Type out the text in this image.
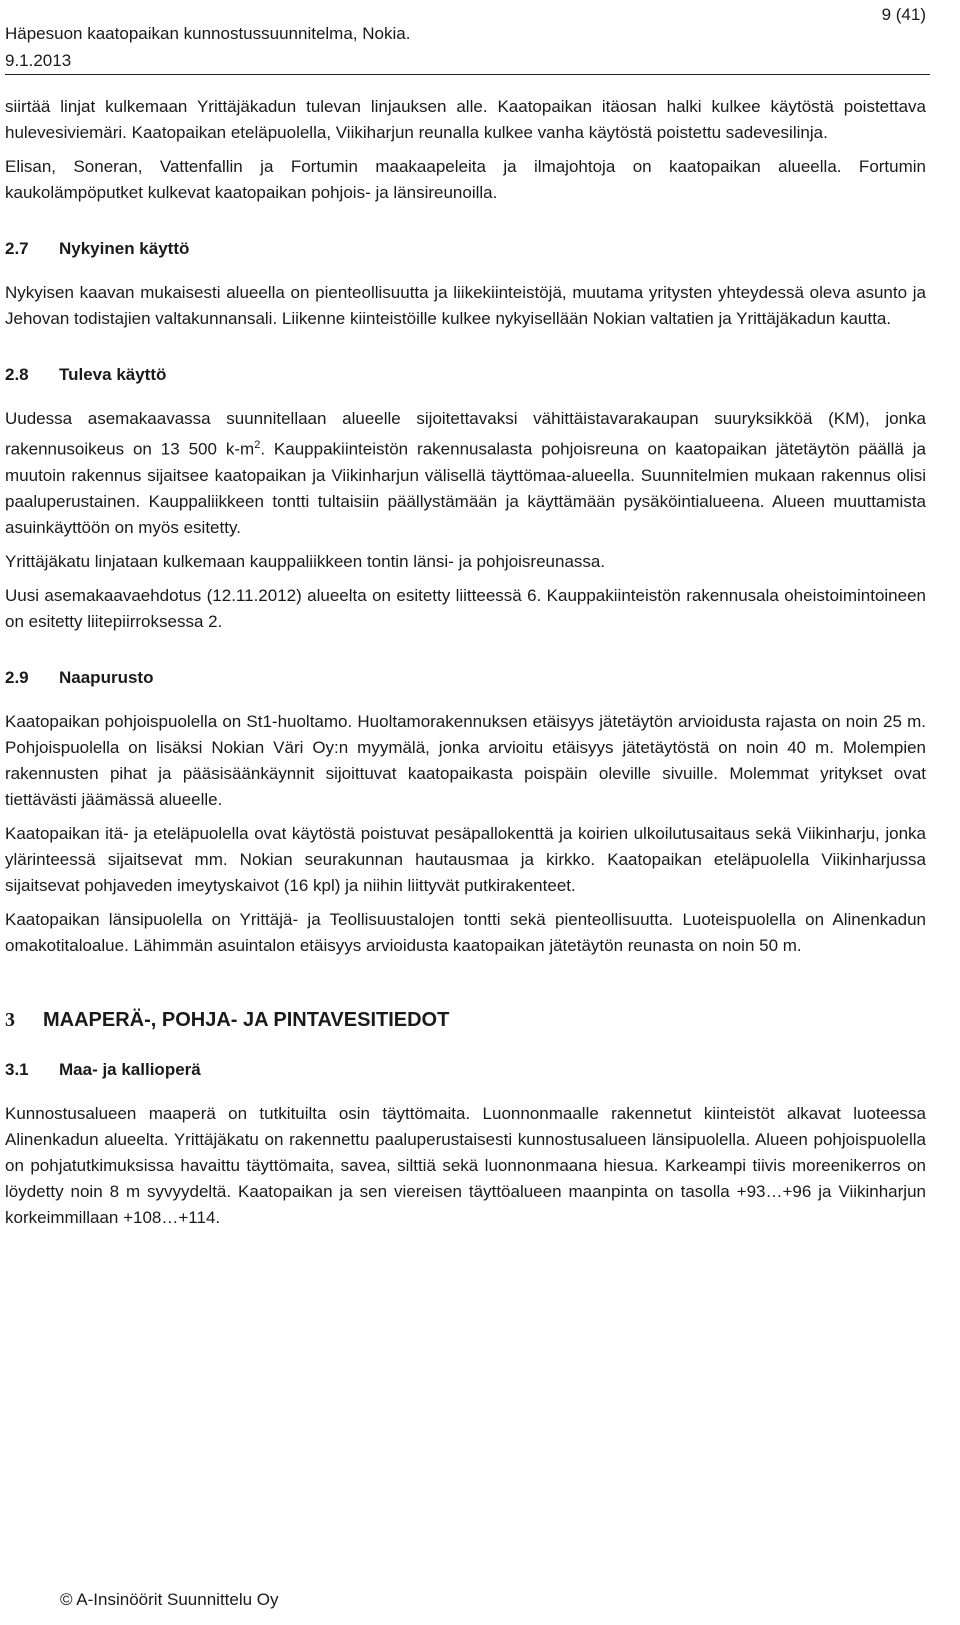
Häpesuon kaatopaikan kunnostussuunnitelma, Nokia.
9.1.2013
9 (41)

siirtää linjat kulkemaan Yrittäjäkadun tulevan linjauksen alle. Kaatopaikan itäosan halki kulkee käytöstä poistettava hulevesiviemäri. Kaatopaikan eteläpuolella, Viikiharjun reunalla kulkee vanha käytöstä poistettu sadevesilinja.

Elisan, Soneran, Vattenfallin ja Fortumin maakaapeleita ja ilmajohtoja on kaatopaikan alueella. Fortumin kaukolämpöputket kulkevat kaatopaikan pohjois- ja länsireunoilla.

2.7	Nykyinen käyttö

Nykyisen kaavan mukaisesti alueella on pienteollisuutta ja liikekiinteistöjä, muutama yritysten yhteydessä oleva asunto ja Jehovan todistajien valtakunnansali. Liikenne kiinteistöille kulkee nykyisellään Nokian valtatien ja Yrittäjäkadun kautta.

2.8	Tuleva käyttö

Uudessa asemakaavassa suunnitellaan alueelle sijoitettavaksi vähittäistavarakaupan suuryksikköä (KM), jonka rakennusoikeus on 13 500 $k-m^2$. Kauppakiinteistön rakennusalasta pohjoisreuna on kaatopaikan jätetäytön päällä ja muutoin rakennus sijaitsee kaatopaikan ja Viikinharjun välisellä täyttömaa-alueella. Suunnitelmien mukaan rakennus olisi paaluperustainen. Kauppaliikkeen tontti tultaisiin päällystämään ja käyttämään pysäköintialueena. Alueen muuttamista asuinkäyttöön on myös esitetty.

Yrittäjäkatu linjataan kulkemaan kauppaliikkeen tontin länsi- ja pohjoisreunassa.

Uusi asemakaavaehdotus (12.11.2012) alueelta on esitetty liitteessä 6. Kauppakiinteistön rakennusala oheistoimintoineen on esitetty liitepiirroksessa 2.

2.9	Naapurusto

Kaatopaikan pohjoispuolella on St1-huoltamo. Huoltamorakennuksen etäisyys jätetäytön arvioidusta rajasta on noin 25 m. Pohjoispuolella on lisäksi Nokian Väri Oy:n myymälä, jonka arvioitu etäisyys jätetäytöstä on noin 40 m. Molempien rakennusten pihat ja pääsisäänkäynnit sijoittuvat kaatopaikasta poispäin oleville sivuille. Molemmat yritykset ovat tiettävästi jäämässä alueelle.

Kaatopaikan itä- ja eteläpuolella ovat käytöstä poistuvat pesäpallokenttä ja koirien ulkoilutusaitaus sekä Viikinharju, jonka ylärinteessä sijaitsevat mm. Nokian seurakunnan hautausmaa ja kirkko. Kaatopaikan eteläpuolella Viikinharjussa sijaitsevat pohjaveden imeytyskaivot (16 kpl) ja niihin liittyvät putkirakenteet.

Kaatopaikan länsipuolella on Yrittäjä- ja Teollisuustalojen tontti sekä pienteollisuutta. Luoteispuolella on Alinenkadun omakotitaloalue. Lähimmän asuintalon etäisyys arvioidusta kaatopaikan jätetäytön reunasta on noin 50 m.

3	MAAPERÄ-, POHJA- JA PINTAVESITIEDOT
3.1	Maa- ja kallioperä

Kunnostusalueen maaperä on tutkituilta osin täyttömaita. Luonnonmaalle rakennetut kiinteistöt alkavat luoteessa Alinenkadun alueelta. Yrittäjäkatu on rakennettu paaluperustaisesti kunnostusalueen länsipuolella. Alueen pohjoispuolella on pohjatutkimuksissa havaittu täyttömaita, savea, silttiä sekä luonnonmaana hiesua. Karkeampi tiivis moreenikerros on löydetty noin 8 m syvyydeltä. Kaatopaikan ja sen viereisen täyttöalueen maanpinta on tasolla +93…+96 ja Viikinharjun korkeimmillaan +108…+114.

© A-Insinöörit Suunnittelu Oy
